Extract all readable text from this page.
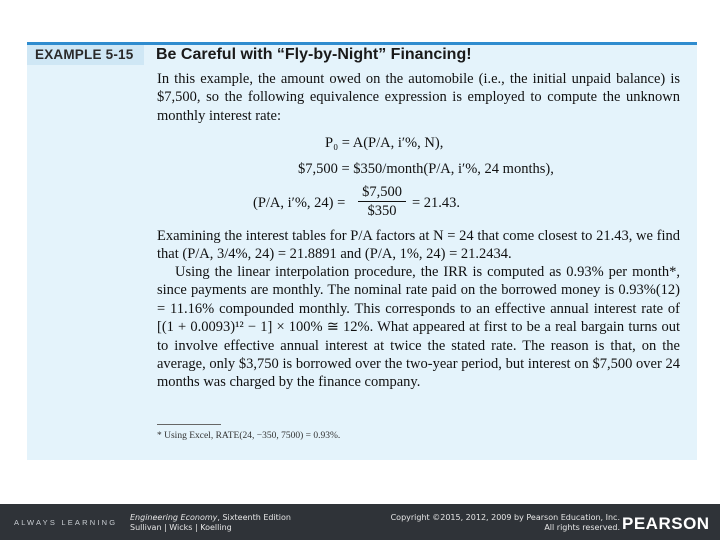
EXAMPLE 5-15	Be Careful with “Fly-by-Night” Financing!

In this example, the amount owed on the automobile (i.e., the initial unpaid balance) is $7,500, so the following equivalence expression is employed to compute the unknown monthly interest rate:

P₀ = A(P/A, i′%, N),
$7,500 = $350/month(P/A, i′%, 24 months),
(P/A, i′%, $24) = \frac{\$7,500}{\$350} = 21.43$.

Examining the interest tables for P/A factors at N = 24 that come closest to 21.43, we find that (P/A, 3/4%, 24) = 21.8891 and (P/A, 1%, 24) = 21.2434.

Using the linear interpolation procedure, the IRR is computed as 0.93% per month*, since payments are monthly. The nominal rate paid on the borrowed money is 0.93%(12) = 11.16% compounded monthly. This corresponds to an effective annual interest rate of [(1 + 0.0093)¹² − 1] × 100% ≅ 12%. What appeared at first to be a real bargain turns out to involve effective annual interest at twice the stated rate. The reason is that, on the average, only $3,750 is borrowed over the two-year period, but interest on $7,500 over 24 months was charged by the finance company.

* Using Excel, RATE(24, −350, 7500) = 0.93%.
ALWAYS LEARNING
Engineering Economy, Sixteenth Edition
Sullivan | Wicks | Koelling
Copyright ©2015, 2012, 2009 by Pearson Education, Inc.
All rights reserved. PEARSON
